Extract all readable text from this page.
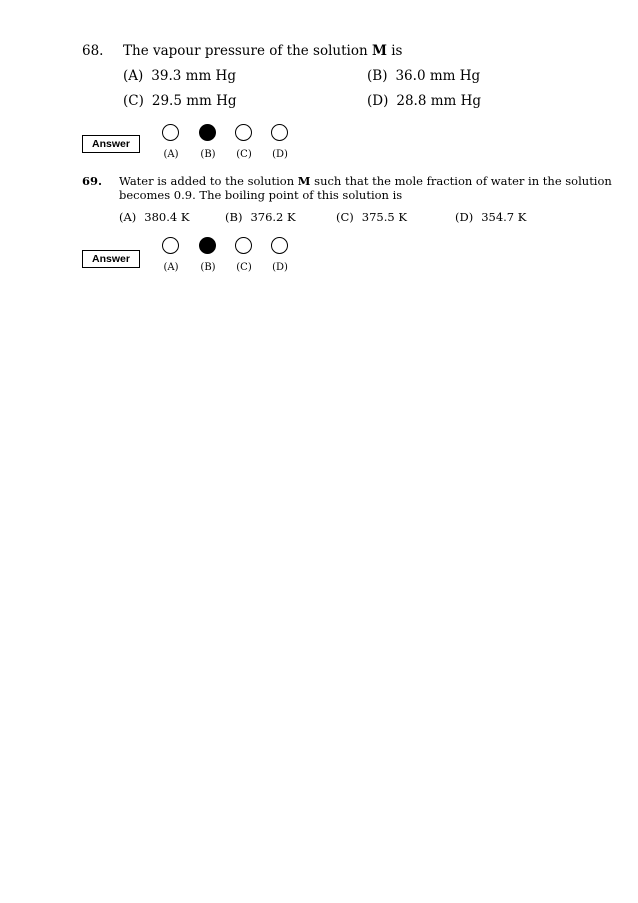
68. The vapour pressure of the solution M is
(A) 39.3 mm Hg	(B) 36.0 mm Hg
(C) 29.5 mm Hg	(D) 28.8 mm Hg
Answer
(A)	(B)	(C)	(D)
69. Water is added to the solution M such that the mole fraction of water in the solution
becomes 0.9. The boiling point of this solution is
(A) 380.4 K	(B) 376.2 K	(C) 375.5 K	(D) 354.7 K
Answer
(A)	(B)	(C)	(D)
